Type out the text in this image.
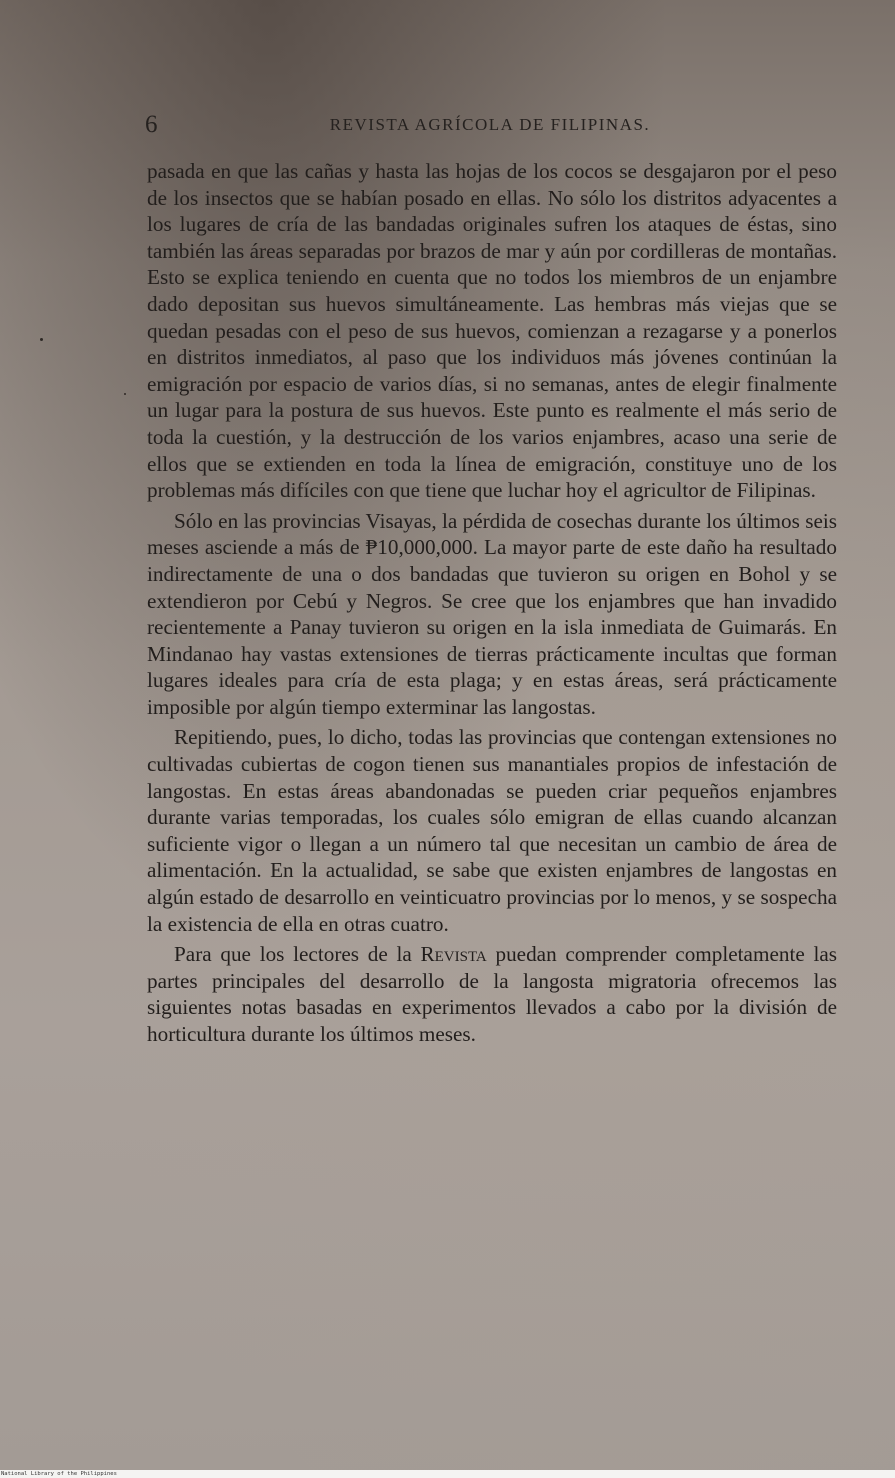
6	REVISTA AGRÍCOLA DE FILIPINAS.

pasada en que las cañas y hasta las hojas de los cocos se desgajaron por el peso de los insectos que se habían posado en ellas. No sólo los distritos adyacentes a los lugares de cría de las bandadas originales sufren los ataques de éstas, sino también las áreas separadas por brazos de mar y aún por cordilleras de montañas. Esto se explica teniendo en cuenta que no todos los miembros de un enjambre dado depositan sus huevos simultáneamente. Las hembras más viejas que se quedan pesadas con el peso de sus huevos, comienzan a rezagarse y a ponerlos en distritos inmediatos, al paso que los individuos más jóvenes continúan la emigración por espacio de varios días, si no semanas, antes de elegir finalmente un lugar para la postura de sus huevos. Este punto es realmente el más serio de toda la cuestión, y la destrucción de los varios enjambres, acaso una serie de ellos que se extienden en toda la línea de emigración, constituye uno de los problemas más difíciles con que tiene que luchar hoy el agricultor de Filipinas.

Sólo en las provincias Visayas, la pérdida de cosechas durante los últimos seis meses asciende a más de ₱10,000,000. La mayor parte de este daño ha resultado indirectamente de una o dos bandadas que tuvieron su origen en Bohol y se extendieron por Cebú y Negros. Se cree que los enjambres que han invadido recientemente a Panay tuvieron su origen en la isla inmediata de Guimarás. En Mindanao hay vastas extensiones de tierras prácticamente incultas que forman lugares ideales para cría de esta plaga; y en estas áreas, será prácticamente imposible por algún tiempo exterminar las langostas.

Repitiendo, pues, lo dicho, todas las provincias que contengan extensiones no cultivadas cubiertas de cogon tienen sus manantiales propios de infestación de langostas. En estas áreas abandonadas se pueden criar pequeños enjambres durante varias temporadas, los cuales sólo emigran de ellas cuando alcanzan suficiente vigor o llegan a un número tal que necesitan un cambio de área de alimentación. En la actualidad, se sabe que existen enjambres de langostas en algún estado de desarrollo en veinticuatro provincias por lo menos, y se sospecha la existencia de ella en otras cuatro.

Para que los lectores de la Revista puedan comprender completamente las partes principales del desarrollo de la langosta migratoria ofrecemos las siguientes notas basadas en experimentos llevados a cabo por la división de horticultura durante los últimos meses.

National Library of the Philippines
